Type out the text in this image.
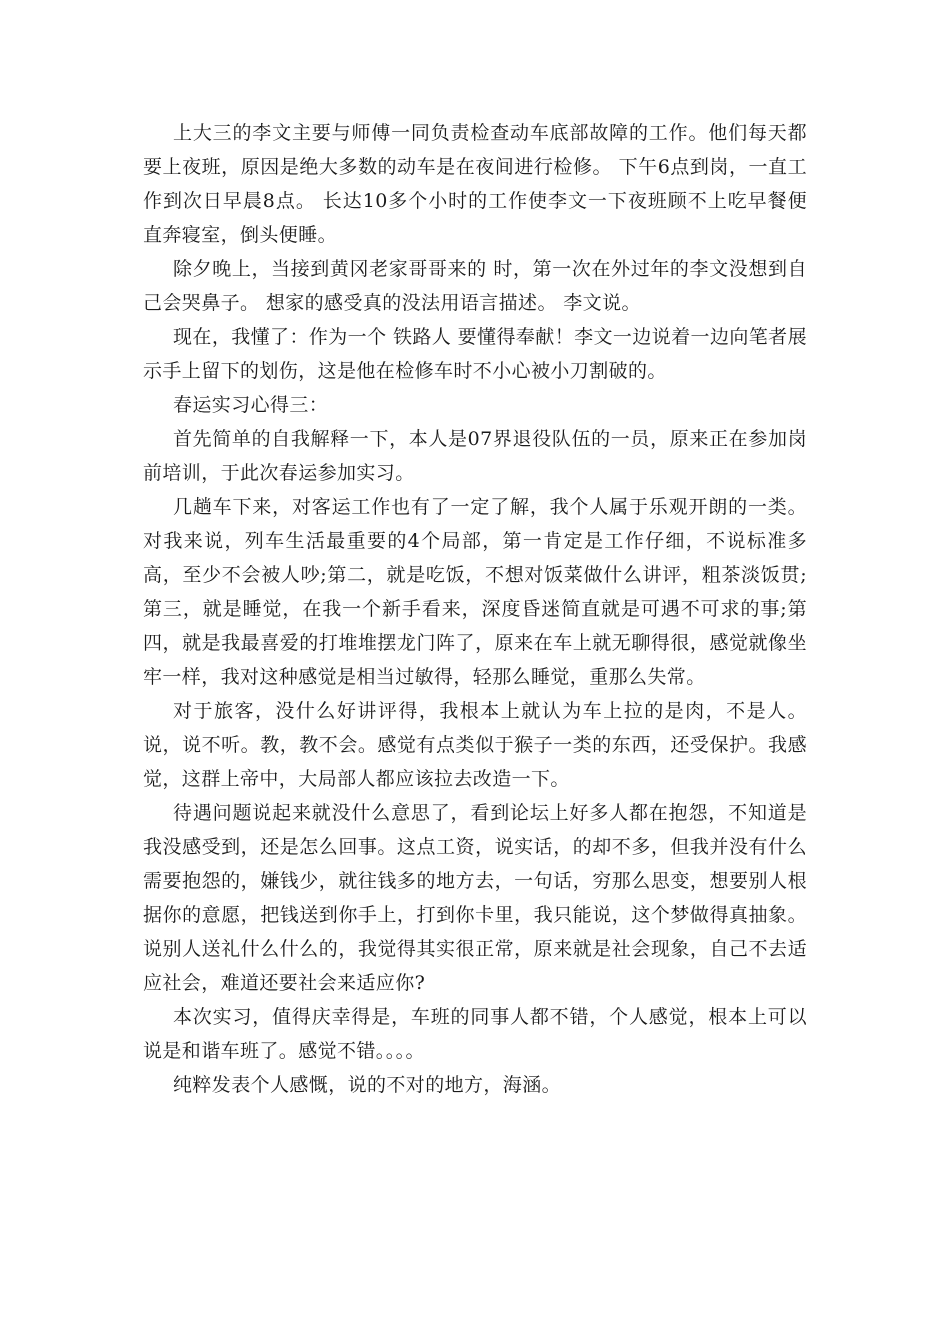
上大三的李文主要与师傅一同负责检查动车底部故障的工作。他们每天都要上夜班，原因是绝大多数的动车是在夜间进行检修。 下午6点到岗，一直工作到次日早晨8点。 长达10多个小时的工作使李文一下夜班顾不上吃早餐便直奔寝室，倒头便睡。

除夕晚上，当接到黄冈老家哥哥来的 时，第一次在外过年的李文没想到自己会哭鼻子。 想家的感受真的没法用语言描述。 李文说。

现在，我懂了：作为一个 铁路人 要懂得奉献！李文一边说着一边向笔者展示手上留下的划伤，这是他在检修车时不小心被小刀割破的。

春运实习心得三：

首先简单的自我解释一下，本人是07界退役队伍的一员，原来正在参加岗前培训，于此次春运参加实习。

几趟车下来，对客运工作也有了一定了解，我个人属于乐观开朗的一类。对我来说，列车生活最重要的4个局部，第一肯定是工作仔细，不说标准多高，至少不会被人吵;第二，就是吃饭，不想对饭菜做什么讲评，粗茶淡饭贯;第三，就是睡觉，在我一个新手看来，深度昏迷简直就是可遇不可求的事;第四，就是我最喜爱的打堆堆摆龙门阵了，原来在车上就无聊得很，感觉就像坐牢一样，我对这种感觉是相当过敏得，轻那么睡觉，重那么失常。

对于旅客，没什么好讲评得，我根本上就认为车上拉的是肉，不是人。说，说不听。教，教不会。感觉有点类似于猴子一类的东西，还受保护。我感觉，这群上帝中，大局部人都应该拉去改造一下。

待遇问题说起来就没什么意思了，看到论坛上好多人都在抱怨，不知道是我没感受到，还是怎么回事。这点工资，说实话，的却不多，但我并没有什么需要抱怨的，嫌钱少，就往钱多的地方去，一句话，穷那么思变，想要别人根据你的意愿，把钱送到你手上，打到你卡里，我只能说，这个梦做得真抽象。说别人送礼什么什么的，我觉得其实很正常，原来就是社会现象，自己不去适应社会，难道还要社会来适应你?

本次实习，值得庆幸得是，车班的同事人都不错，个人感觉，根本上可以说是和谐车班了。感觉不错。。。。

纯粹发表个人感慨，说的不对的地方，海涵。
